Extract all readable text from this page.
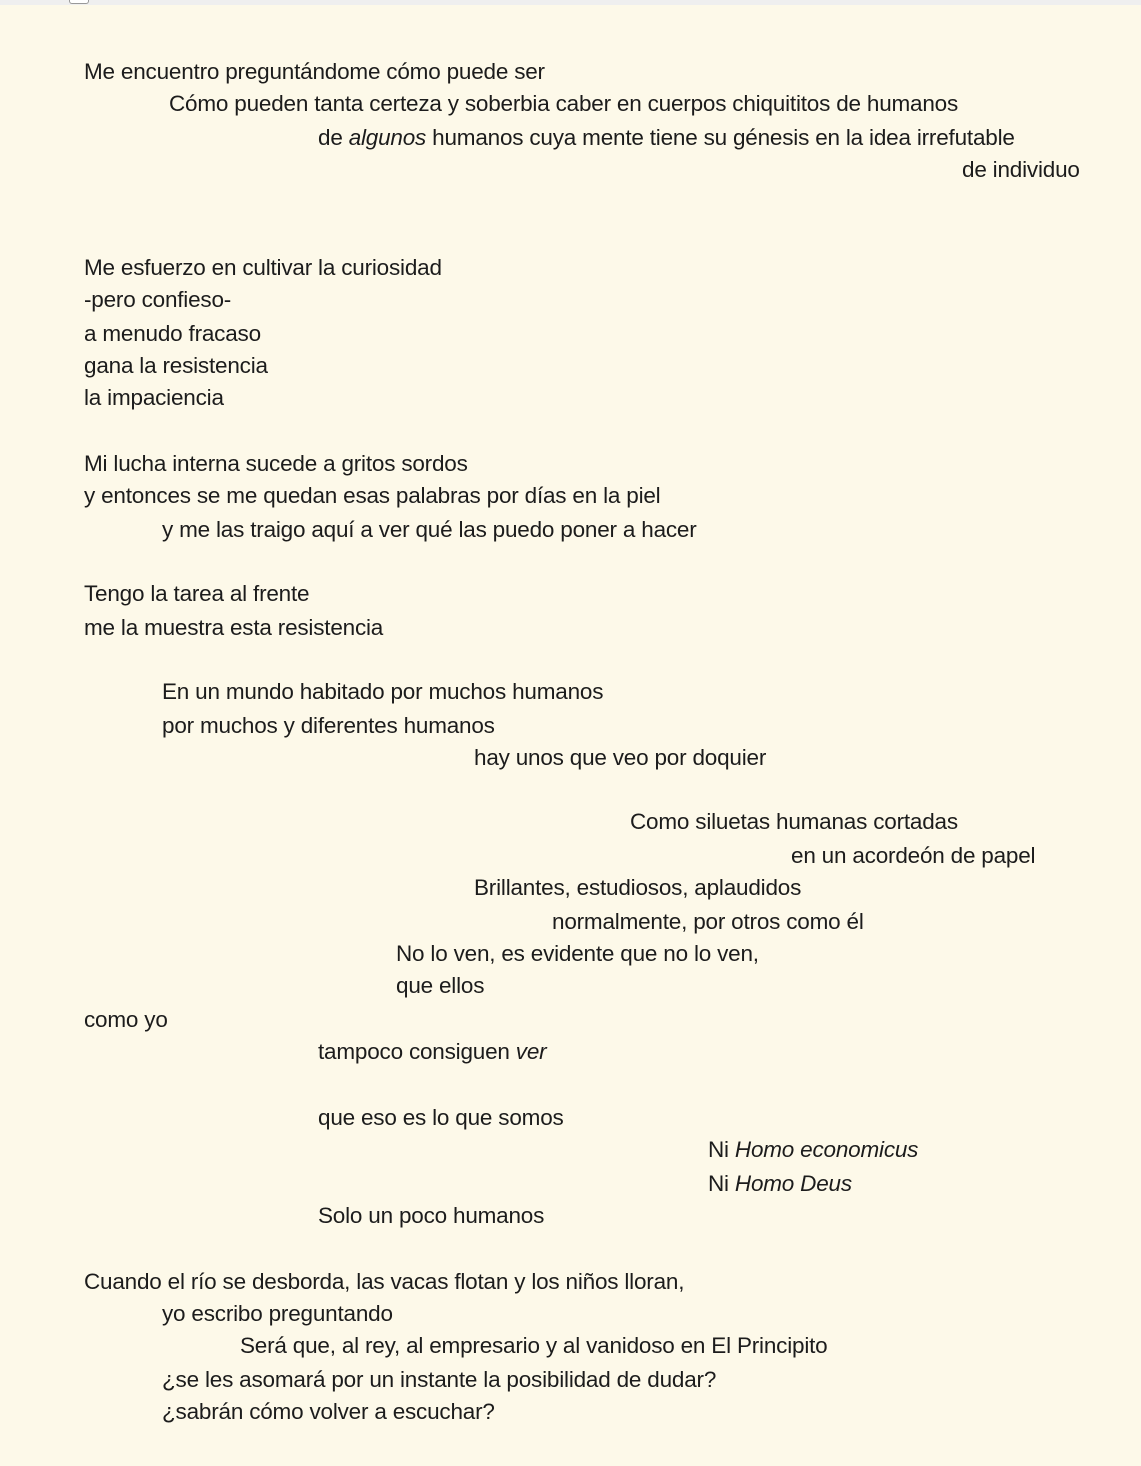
Me encuentro preguntándome cómo puede ser
Cómo pueden tanta certeza y soberbia caber en cuerpos chiquititos de humanos
de algunos humanos cuya mente tiene su génesis en la idea irrefutable
de individuo
Me esfuerzo en cultivar la curiosidad
-pero confieso-
a menudo fracaso
gana la resistencia
la impaciencia
Mi lucha interna sucede a gritos sordos
y entonces se me quedan esas palabras por días en la piel
y me las traigo aquí a ver qué las puedo poner a hacer
Tengo la tarea al frente
me la muestra esta resistencia
En un mundo habitado por muchos humanos
por muchos y diferentes humanos
hay unos que veo por doquier
Como siluetas humanas cortadas
en un acordeón de papel
Brillantes, estudiosos, aplaudidos
normalmente, por otros como él
No lo ven, es evidente que no lo ven,
que ellos
como yo
tampoco consiguen ver
que eso es lo que somos
Ni Homo economicus
Ni Homo Deus
Solo un poco humanos
Cuando el río se desborda, las vacas flotan y los niños lloran,
yo escribo preguntando
Será que, al rey, al empresario y al vanidoso en El Principito
¿se les asomará por un instante la posibilidad de dudar?
¿sabrán cómo volver a escuchar?
